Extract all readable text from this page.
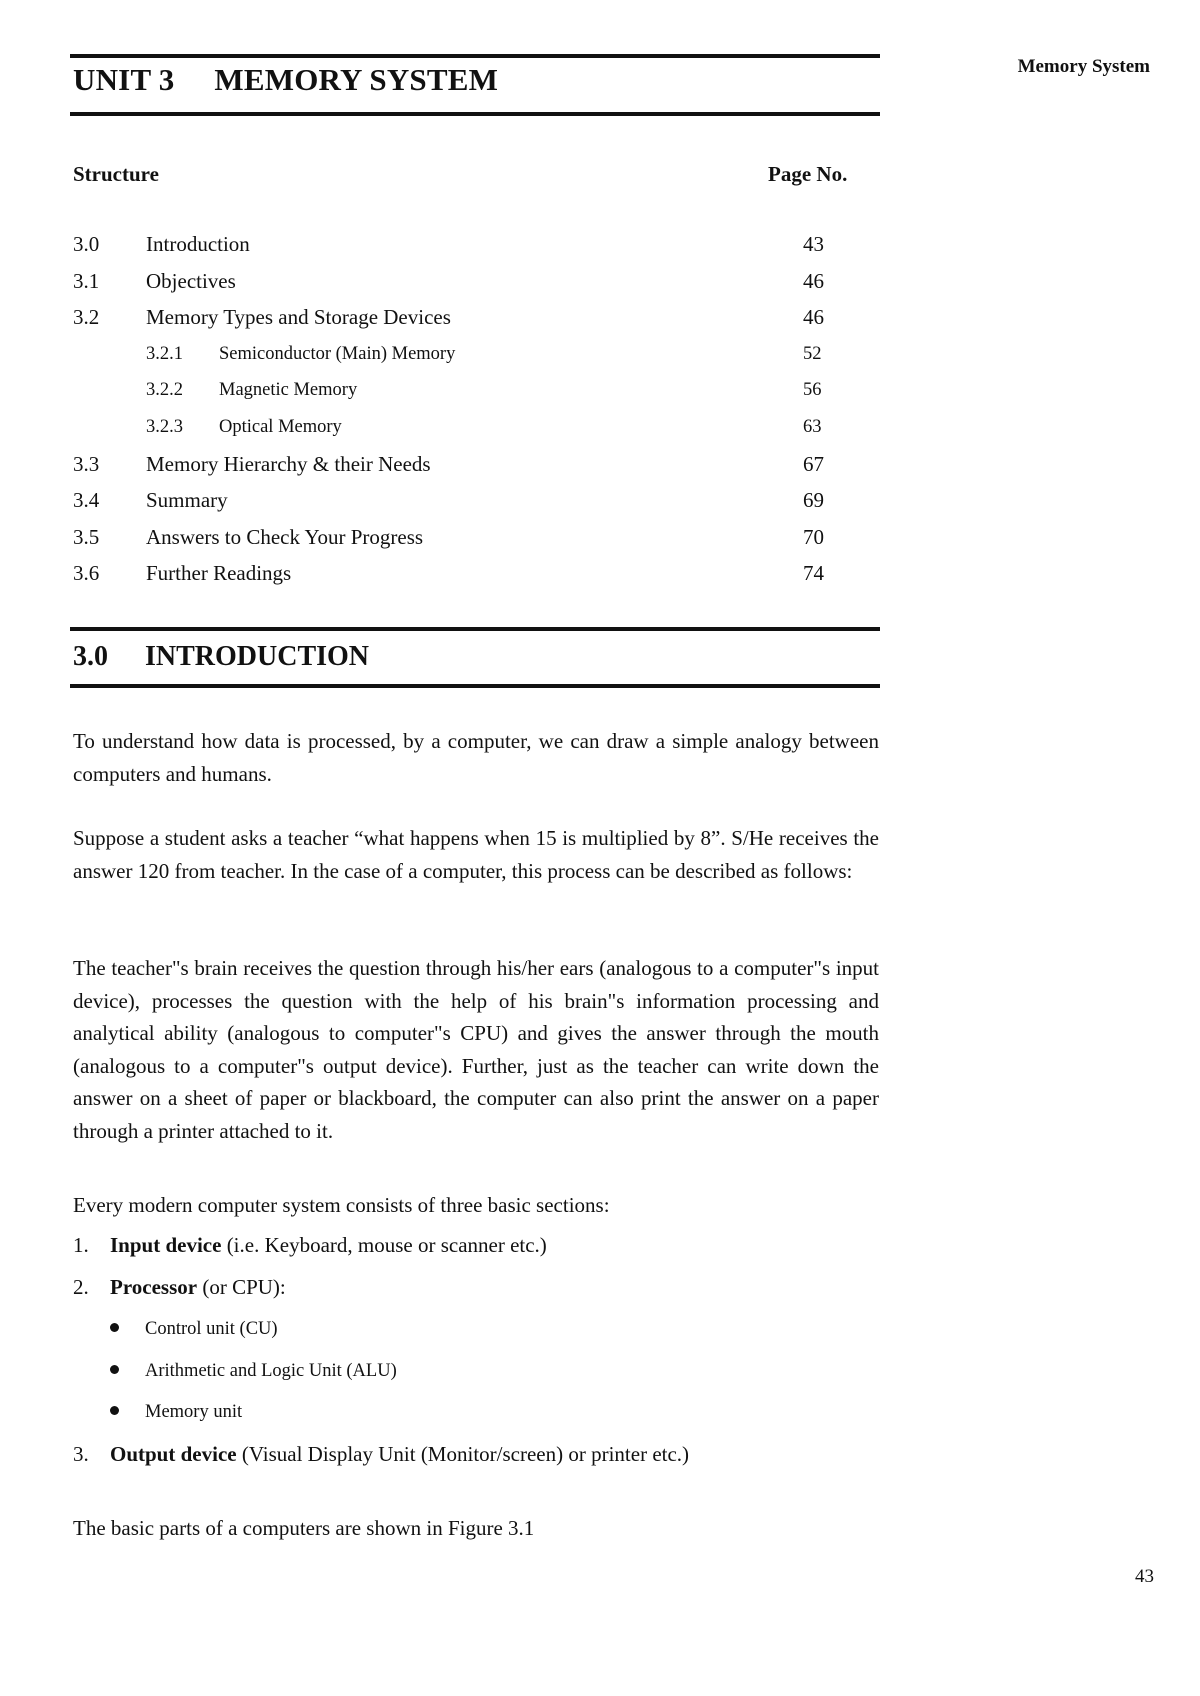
Memory System
UNIT 3 MEMORY SYSTEM
Structure	Page No.
3.0 Introduction	43
3.1 Objectives	46
3.2 Memory Types and Storage Devices	46
3.2.1 Semiconductor (Main) Memory	52
3.2.2 Magnetic Memory	56
3.2.3 Optical Memory	63
3.3 Memory Hierarchy & their Needs	67
3.4 Summary	69
3.5 Answers to Check Your Progress	70
3.6 Further Readings	74
3.0 INTRODUCTION

To understand how data is processed, by a computer, we can draw a simple analogy between computers and humans.

Suppose a student asks a teacher “what happens when 15 is multiplied by 8”. S/He receives the answer 120 from teacher. In the case of a computer, this process can be described as follows:

The teacher"s brain receives the question through his/her ears (analogous to a computer"s input device), processes the question with the help of his brain"s information processing and analytical ability (analogous to computer"s CPU) and gives the answer through the mouth (analogous to a computer"s output device). Further, just as the teacher can write down the answer on a sheet of paper or blackboard, the computer can also print the answer on a paper through a printer attached to it.

Every modern computer system consists of three basic sections:

1. Input device (i.e. Keyboard, mouse or scanner etc.)
2. Processor (or CPU):
Control unit (CU)
Arithmetic and Logic Unit (ALU)
Memory unit
3. Output device (Visual Display Unit (Monitor/screen) or printer etc.)

The basic parts of a computers are shown in Figure 3.1

43
